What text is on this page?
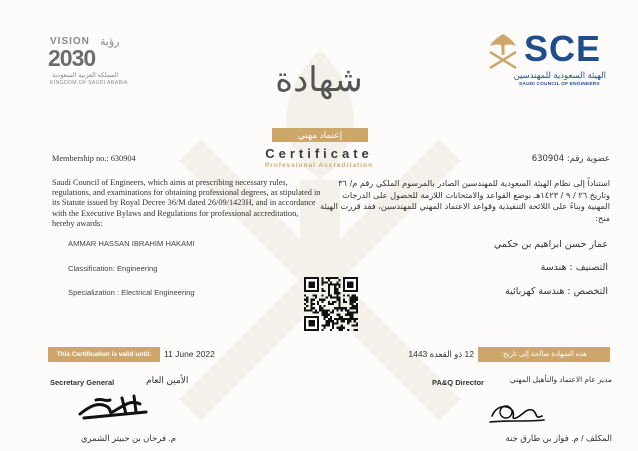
VISION رؤية
2030
المملكة العربية السعودية
KINGDOM OF SAUDI ARABIA
SCE
الهيئة السعودية للمهندسين
SAUDI COUNCIL OF ENGINEERS
شهادة
إعتماد مهني
Certificate
Professional Accreditation
Membership no.: 630904
Saudi Council of Engineers, which aims at prescribing necessary rules, regulations, and examinations for obtaining professional degrees, as stipulated in its Statute issued by Royal Decree 36/M dated 26/09/1423H, and in accordance with the Executive Bylaws and Regulations for professional accreditation, hereby awards:
AMMAR HASSAN IBRAHIM HAKAMI
Classification: Engineering
Specialization : Electrical Engineering
عضوية رقم: 630904
استناداً إلى نظام الهيئة السعودية للمهندسين الصادر بالمرسوم الملكي رقم م/ ٣٦ وتاريخ ٢٦ / ٩ / ١٤٢٣هـ بوضع القواعد والامتحانات اللازمة للحصول على الدرجات المهنية وبناءً على اللائحة التنفيذية وقواعد الاعتماد المهني للمهندسين، فقد قررت الهيئة منح:
عمار حسن ابراهيم بن حكمي
التصنيف : هندسة
التخصص : هندسة كهربائية
This Certification is valid until:	11 June 2022	هذه الشهادة صالحة إلى تاريخ:
12 ذو القعدة 1443
Secretary General	الأمين العام
م. فرحان بن حبيتر الشمري
PA&Q Director	مدير عام الاعتماد والتأهيل المهني
المكلف / م. فواز بن طارق جنة
